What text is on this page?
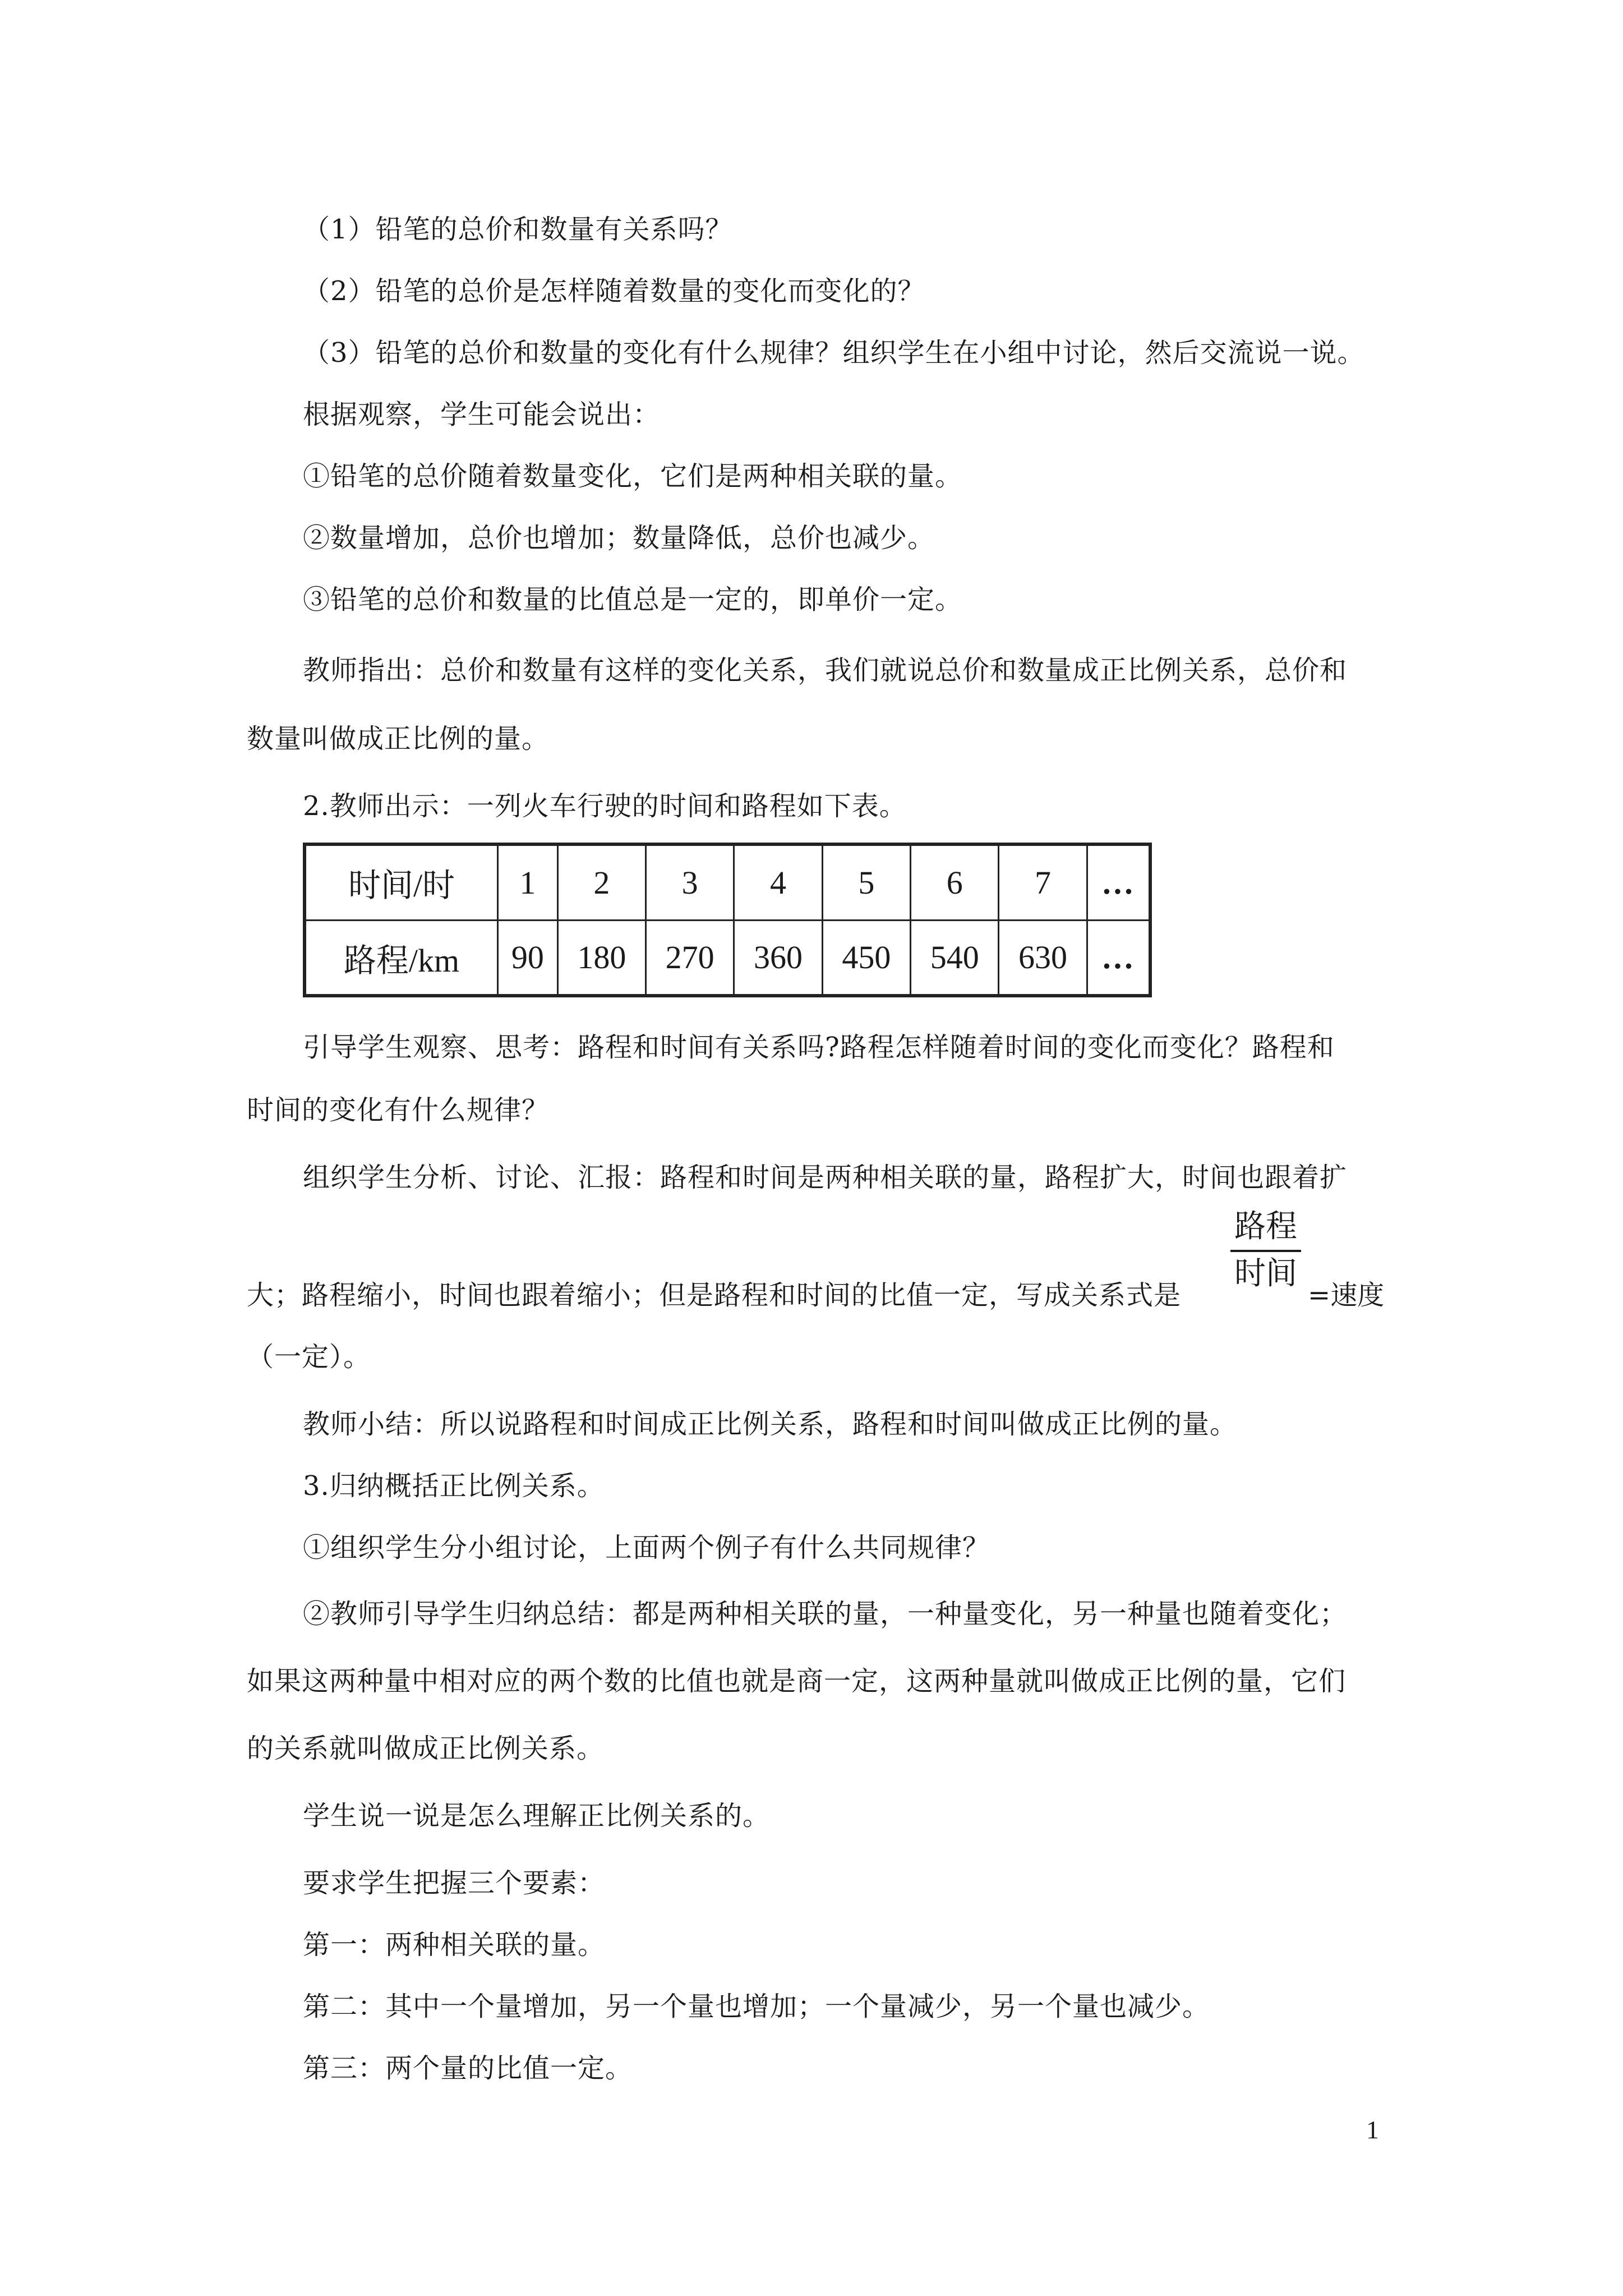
（1）铅笔的总价和数量有关系吗？
（2）铅笔的总价是怎样随着数量的变化而变化的？
（3）铅笔的总价和数量的变化有什么规律？组织学生在小组中讨论，然后交流说一说。
根据观察，学生可能会说出：
①铅笔的总价随着数量变化，它们是两种相关联的量。
②数量增加，总价也增加；数量降低，总价也减少。
③铅笔的总价和数量的比值总是一定的，即单价一定。
教师指出：总价和数量有这样的变化关系，我们就说总价和数量成正比例关系，总价和
数量叫做成正比例的量。
2.教师出示：一列火车行驶的时间和路程如下表。
时间/时	1	2	3	4	5	6	7	…
路程/km	90	180	270	360	450	540	630	…
引导学生观察、思考：路程和时间有关系吗?路程怎样随着时间的变化而变化？路程和
时间的变化有什么规律？
组织学生分析、讨论、汇报：路程和时间是两种相关联的量，路程扩大，时间也跟着扩
大；路程缩小，时间也跟着缩小；但是路程和时间的比值一定，写成关系式是
路程
时间
=速度
（一定）。
教师小结：所以说路程和时间成正比例关系，路程和时间叫做成正比例的量。
3.归纳概括正比例关系。
①组织学生分小组讨论，上面两个例子有什么共同规律？
②教师引导学生归纳总结：都是两种相关联的量，一种量变化，另一种量也随着变化；
如果这两种量中相对应的两个数的比值也就是商一定，这两种量就叫做成正比例的量，它们
的关系就叫做成正比例关系。
学生说一说是怎么理解正比例关系的。
要求学生把握三个要素：
第一：两种相关联的量。
第二：其中一个量增加，另一个量也增加；一个量减少，另一个量也减少。
第三：两个量的比值一定。
1
